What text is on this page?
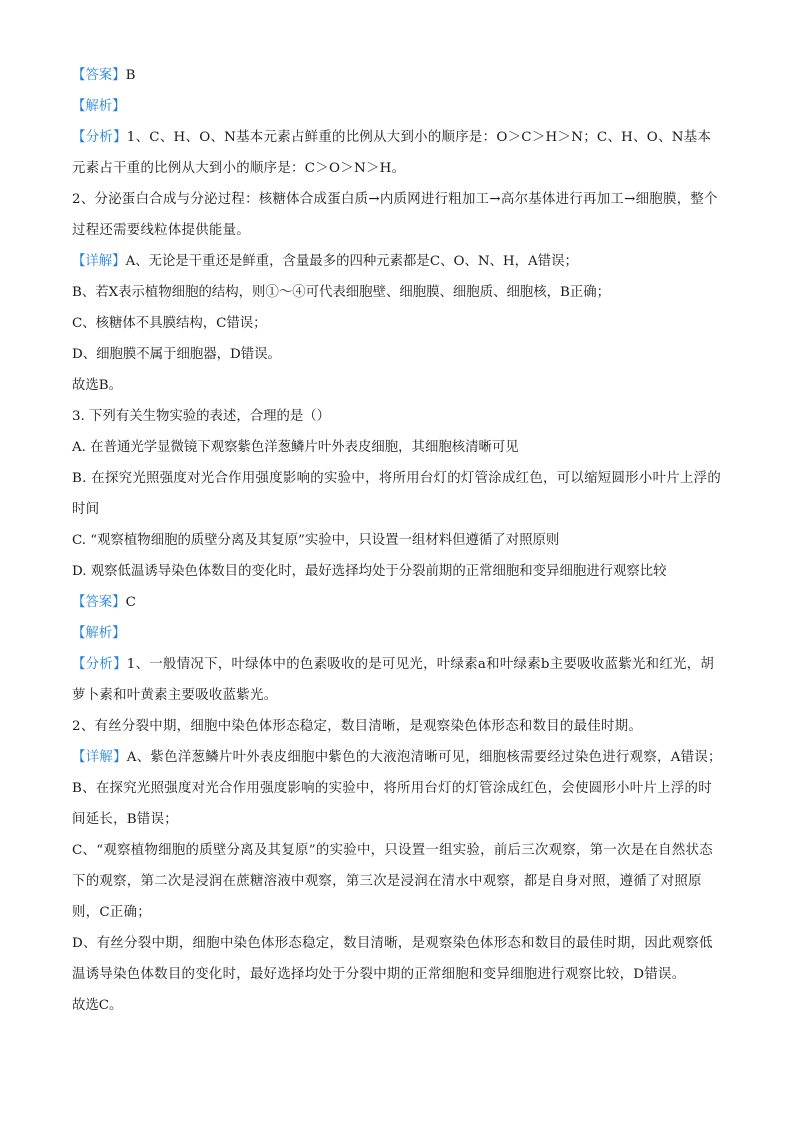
【 答案 】 B
【 解析 】
【 分析 】 1、C、H、O、N基本元素占鲜重的比例从大到小的顺序是：O＞C＞H＞N；C、H、O、N基本元素占干重的比例从大到小的顺序是：C＞O＞N＞H。
2、分泌蛋白合成与分泌过程：核糖体合成蛋白质→内质网进行粗加工→高尔基体进行再加工→细胞膜，整个过程还需要线粒体提供能量。
【 详解 】 A、无论是干重还是鲜重，含量最多的四种元素都是C、O、N、H，A错误；
B、若X表示植物细胞的结构，则①～④可代表细胞壁、细胞膜、细胞质、细胞核，B正确；
C、核糖体不具膜结构，C错误；
D、细胞膜不属于细胞器，D错误。
故选B。
3. 下列有关生物实验的表述，合理的是（）
A. 在普通光学显微镜下观察紫色洋葱鳞片叶外表皮细胞，其细胞核清晰可见
B. 在探究光照强度对光合作用强度影响的实验中，将所用台灯的灯管涂成红色，可以缩短圆形小叶片上浮的时间
C. “观察植物细胞的质壁分离及其复原”实验中，只设置一组材料但遵循了对照原则
D. 观察低温诱导染色体数目的变化时，最好选择均处于分裂前期的正常细胞和变异细胞进行观察比较
【 答案 】 C
【 解析 】
【 分析 】 1、一般情况下，叶绿体中的色素吸收的是可见光，叶绿素a和叶绿素b主要吸收蓝紫光和红光，胡萝卜素和叶黄素主要吸收蓝紫光。
2、有丝分裂中期，细胞中染色体形态稳定，数目清晰，是观察染色体形态和数目的最佳时期。
【 详解 】 A、紫色洋葱鳞片叶外表皮细胞中紫色的大液泡清晰可见，细胞核需要经过染色进行观察，A错误；
B、在探究光照强度对光合作用强度影响的实验中，将所用台灯的灯管涂成红色，会使圆形小叶片上浮的时间延长，B错误；
C、“观察植物细胞的质壁分离及其复原”的实验中，只设置一组实验，前后三次观察，第一次是在自然状态下的观察，第二次是浸润在蔗糖溶液中观察，第三次是浸润在清水中观察，都是自身对照，遵循了对照原则，C正确；
D、有丝分裂中期，细胞中染色体形态稳定，数目清晰，是观察染色体形态和数目的最佳时期，因此观察低温诱导染色体数目的变化时，最好选择均处于分裂中期的正常细胞和变异细胞进行观察比较，D错误。
故选C。
